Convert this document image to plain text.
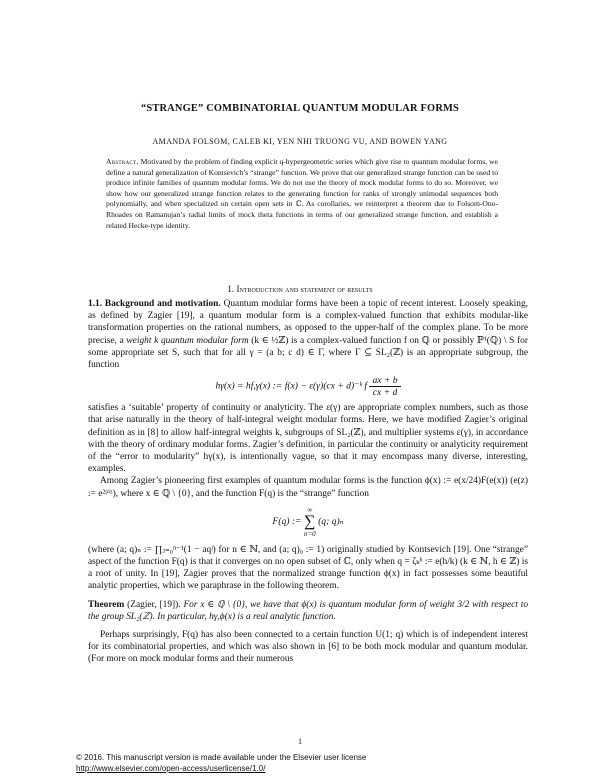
“STRANGE” COMBINATORIAL QUANTUM MODULAR FORMS
AMANDA FOLSOM, CALEB KI, YEN NHI TRUONG VU, AND BOWEN YANG
Abstract. Motivated by the problem of finding explicit q-hypergeometric series which give rise to quantum modular forms, we define a natural generalization of Kontsevich’s “strange” function. We prove that our generalized strange function can be used to produce infinite families of quantum modular forms. We do not use the theory of mock modular forms to do so. Moreover, we show how our generalized strange function relates to the generating function for ranks of strongly unimodal sequences both polynomially, and when specialized on certain open sets in ℂ. As corollaries, we reinterpret a theorem due to Folsom-Ono-Rhoades on Ramanujan’s radial limits of mock theta functions in terms of our generalized strange function, and establish a related Hecke-type identity.
1. Introduction and statement of results

1.1. Background and motivation. Quantum modular forms have been a topic of recent interest. Loosely speaking, as defined by Zagier [19], a quantum modular form is a complex-valued function that exhibits modular-like transformation properties on the rational numbers, as opposed to the upper-half of the complex plane. To be more precise, a weight k quantum modular form (k ∈ ½ℤ) is a complex-valued function f on ℚ or possibly ℙ¹(ℚ) \ S for some appropriate set S, such that for all γ = (a b; c d) ∈ Γ, where Γ ⊆ SL₂(ℤ) is an appropriate subgroup, the function

hγ(x) = hf,γ(x) := f(x) − ε(γ)(cx + d)⁻ᵏ f $\frac{ax + b}{cx + d}$

satisfies a ‘suitable’ property of continuity or analyticity. The ε(γ) are appropriate complex numbers, such as those that arise naturally in the theory of half-integral weight modular forms. Here, we have modified Zagier’s original definition as in [8] to allow half-integral weights k, subgroups of SL₂(ℤ), and multiplier systems ε(γ), in accordance with the theory of ordinary modular forms. Zagier’s definition, in particular the continuity or analyticity requirement of the “error to modularity” hγ(x), is intentionally vague, so that it may encompass many diverse, interesting, examples.

Among Zagier’s pioneering first examples of quantum modular forms is the function ϕ(x) := e(x/24)F(e(x)) (e(z) := e²ᵖⁱᶻ), where x ∈ ℚ \ {0}, and the function F(q) is the “strange” function

F(q) :=
∞
∑
n=0
(q; q)ₙ

(where (a; q)ₙ := ∏ⱼ₌₀ⁿ⁻¹(1 − aqʲ) for n ∈ ℕ, and (a; q)₀ := 1) originally studied by Kontsevich [19]. One “strange” aspect of the function F(q) is that it converges on no open subset of ℂ, only when q = ζₖʰ := e(h/k) (k ∈ ℕ, h ∈ ℤ) is a root of unity. In [19], Zagier proves that the normalized strange function ϕ(x) in fact possesses some beautiful analytic properties, which we paraphrase in the following theorem.

Theorem (Zagier, [19]). For x ∈ ℚ \ {0}, we have that ϕ(x) is quantum modular form of weight 3/2 with respect to the group SL₂(ℤ). In particular, hγ,ϕ(x) is a real analytic function.

Perhaps surprisingly, F(q) has also been connected to a certain function U(1; q) which is of independent interest for its combinatorial properties, and which was also shown in [6] to be both mock modular and quantum modular. (For more on mock modular forms and their numerous

1
© 2016. This manuscript version is made available under the Elsevier user license
http://www.elsevier.com/open-access/userlicense/1.0/
